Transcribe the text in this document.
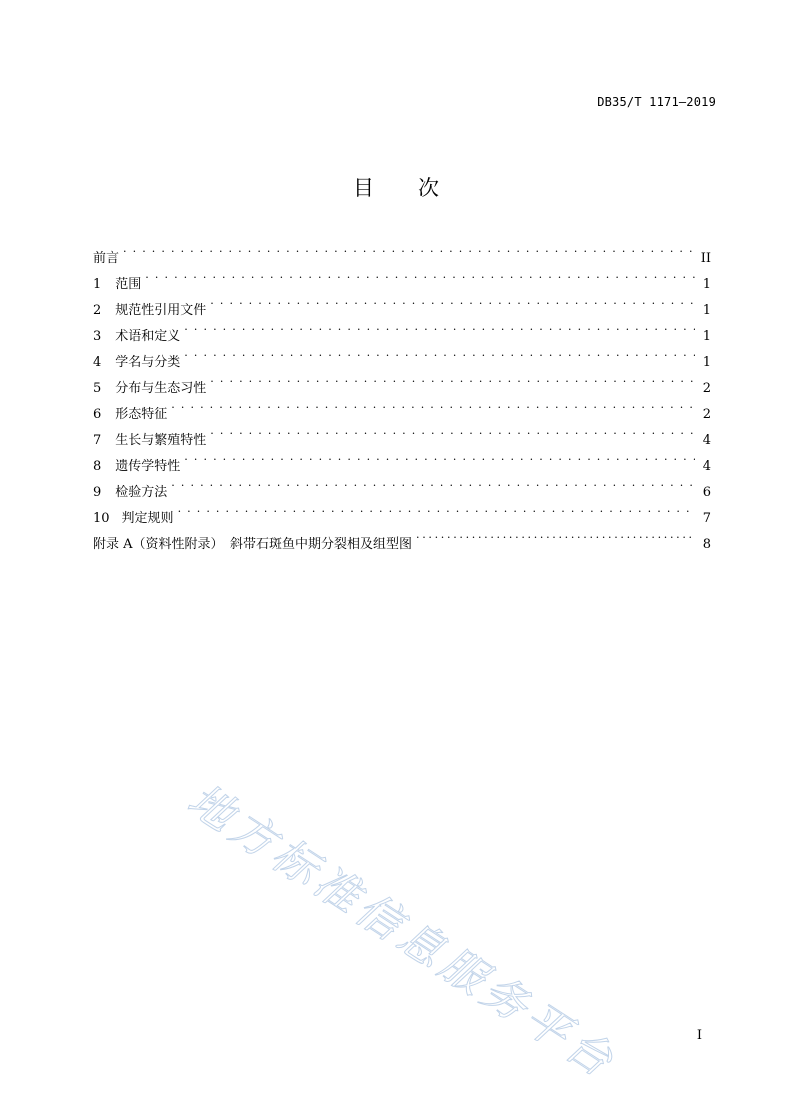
DB35/T 1171—2019
目次
前言 . . .	II
1 范围 . . .	1
2 规范性引用文件 . . .	1
3 术语和定义 . . .	1
4 学名与分类 . . .	1
5 分布与生态习性 . . .	2
6 形态特征 . . .	2
7 生长与繁殖特性 . . .	4
8 遗传学特性 . . .	4
9 检验方法 . . .	6
10 判定规则 . . .	7
附录 A（资料性附录）　斜带石斑鱼中期分裂相及组型图 . . .	8
地方标准信息服务平台	I
